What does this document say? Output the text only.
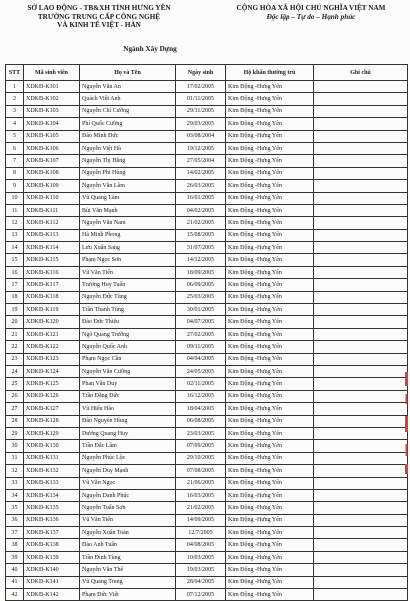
SỞ LAO ĐỘNG - TB&XH TỈNH HƯNG YÊN
TRƯỜNG TRUNG CẤP CÔNG NGHỆ
VÀ KINH TẾ VIỆT - HÀN
CỘNG HÒA XÃ HỘI CHỦ NGHĨA VIỆT NAM
Độc lập – Tự do – Hạnh phúc
Ngành Xây Dựng
STT	Mã sinh viên	Họ và Tên	Ngày sinh	Hộ khẩu thường trú	Ghi chú
1	XDKĐ-K101	Nguyễn Văn An	17/02/2005	Kim Động -Hưng Yên	
2	XDKĐ-K102	Quách Việt Anh	01/11/2005	Kim Động -Hưng Yên	
3	XDKĐ-K103	Nguyễn Chí Cường	29/11/2005	Kim Động -Hưng Yên	
4	XDKĐ-K104	Phí Quốc Cường	29/03/2005	Kim Động -Hưng Yên	
5	XDKĐ-K105	Đào Minh Đức	03/08/2004	Kim Động -Hưng Yên	
6	XDKĐ-K106	Nguyễn Việt Hà	19/12/2005	Kim Động -Hưng Yên	
7	XDKĐ-K107	Nguyễn Thị Hằng	27/05/2004	Kim Động -Hưng Yên	
8	XDKĐ-K108	Nguyễn Phi Hùng	14/02/2005	Kim Động -Hưng Yên	
9	XDKĐ-K109	Nguyễn Văn Lâm	26/03/2005	Kim Động -Hưng Yên	
10	XDKĐ-K110	Vũ Quang Lâm	16/01/2005	Kim Động -Hưng Yên	
11	XDKĐ-K111	Bùi Văn Mạnh	04/02/2005	Kim Động -Hưng Yên	
12	XDKĐ-K112	Nguyễn Văn Nam	21/02/2005	Kim Động -Hưng Yên	
13	XDKĐ-K113	Hà Minh Phong	15/08/2005	Kim Động -Hưng Yên	
14	XDKĐ-K114	Lưu Xuân Sang	31/07/2005	Kim Động -Hưng Yên	
15	XDKĐ-K115	Phạm Ngọc Sơn	14/12/2005	Kim Động -Hưng Yên	
16	XDKĐ-K116	Vũ Văn Tiến	18/09/2005	Kim Động -Hưng Yên	
17	XDKĐ-K117	Trương Huy Tuấn	06/09/2005	Kim Động -Hưng Yên	
18	XDKĐ-K118	Nguyễn Đức Tùng	25/03/2005	Kim Động -Hưng Yên	
19	XDKĐ-K119	Trần Thanh Tùng	30/01/2005	Kim Động -Hưng Yên	
20	XDKĐ-K120	Đào Đức Thiệu	04/07/2005	Kim Động -Hưng Yên	
21	XDKĐ-K121	Ngô Quang Trường	27/02/2005	Kim Động -Hưng Yên	
22	XDKĐ-K122	Nguyễn Quốc Anh	09/11/2005	Kim Động -Hưng Yên	
23	XDKĐ-K123	Phạm Ngọc Cần	04/04/2005	Kim Động -Hưng Yên	
24	XDKĐ-K124	Nguyễn Văn Cường	24/05/2005	Kim Động -Hưng Yên	
25	XDKĐ-K125	Phan Văn Duy	02/11/2005	Kim Động -Hưng Yên	
26	XDKĐ-K126	Trần Đăng Đức	16/12/2005	Kim Động -Hưng Yên	
27	XDKĐ-K127	Vũ Hiếu Hào	18/04/2005	Kim Động -Hưng Yên	
28	XDKĐ-K128	Đào Nguyên Hùng	06/08/2005	Kim Động -Hưng Yên	
29	XDKĐ-K129	Dương Quang Huy	23/03/2005	Kim Động -Hưng Yên	
30	XDKĐ-K130	Trần Đắc Lâm	07/09/2005	Kim Động -Hưng Yên	
31	XDKĐ-K131	Nguyễn Phúc Lộc	29/10/2005	Kim Động -Hưng Yên	
32	XDKĐ-K132	Nguyễn Duy Mạnh	07/08/2005	Kim Động -Hưng Yên	
33	XDKĐ-K133	Vũ Văn Ngọc	21/06/2005	Kim Động -Hưng Yên	
34	XDKĐ-K134	Nguyễn Danh Phúc	16/03/2005	Kim Động -Hưng Yên	
35	XDKĐ-K135	Nguyễn Tuấn Sơn	21/02/2005	Kim Động -Hưng Yên	
36	XDKĐ-K136	Vũ Văn Tiến	14/09/2005	Kim Động -Hưng Yên	
37	XDKĐ-K137	Nguyễn Xuân Toàn	12/7/2005	Kim Động -Hưng Yên	
38	XDKĐ-K138	Đào Anh Tuấn	04/08/2005	Kim Động -Hưng Yên	
39	XDKĐ-K139	Trần Đình Tùng	10/03/2005	Kim Động -Hưng Yên	
40	XDKĐ-K140	Nguyễn Văn Thế	19/03/2005	Kim Động -Hưng Yên	
41	XDKĐ-K141	Vũ Quang Trung	28/04/2005	Kim Động -Hưng Yên	
42	XDKĐ-K142	Phạm Đức Việt	07/12/2005	Kim Động -Hưng Yên	
